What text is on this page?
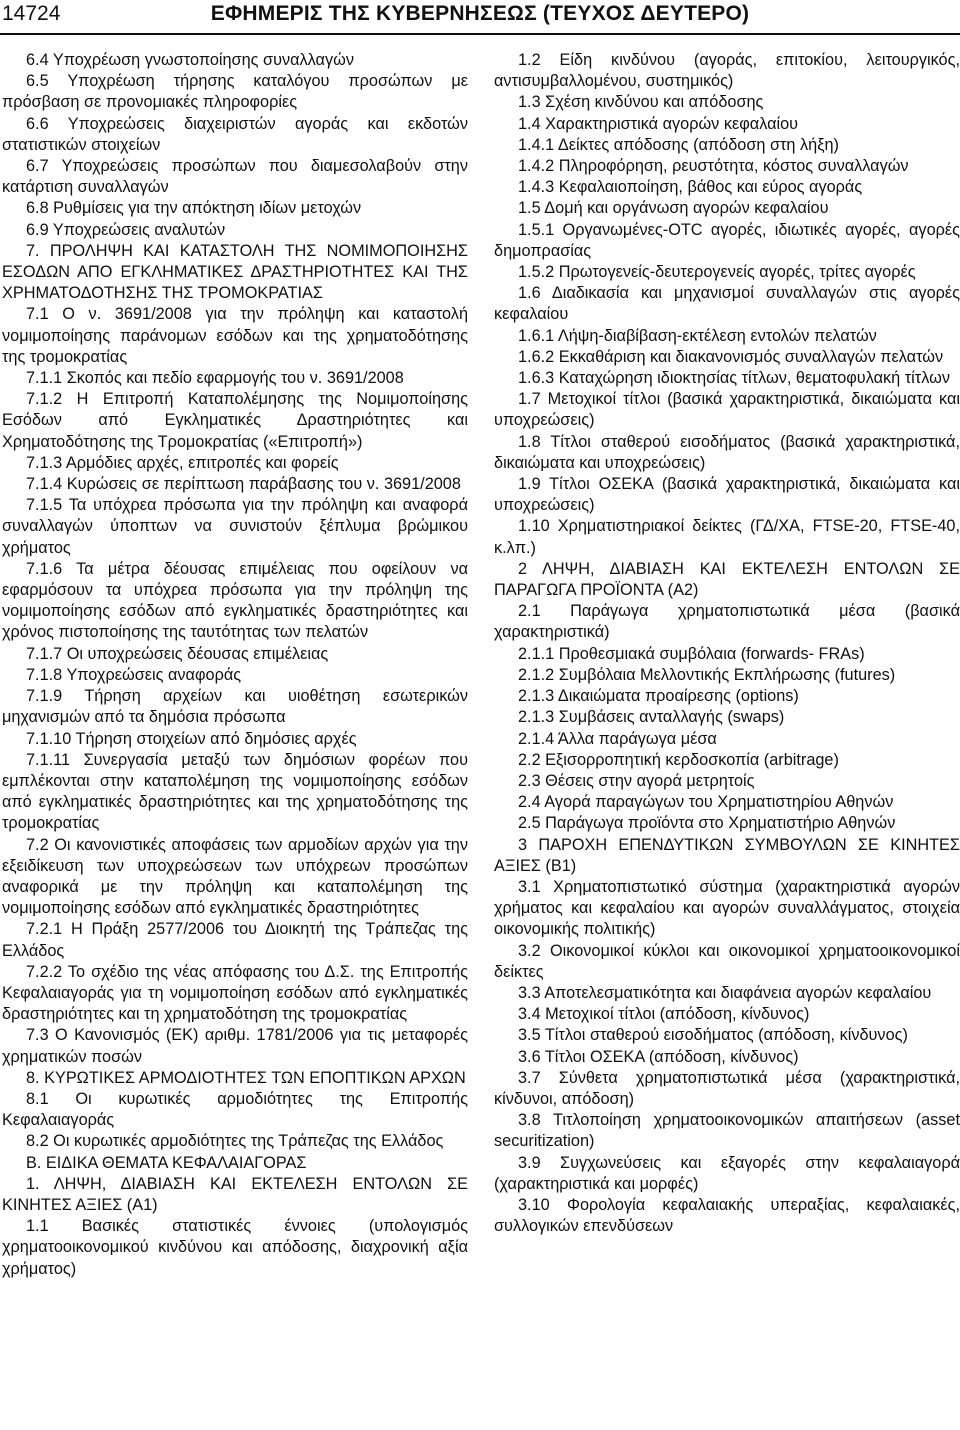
14724	ΕΦΗΜΕΡΙΣ ΤΗΣ ΚΥΒΕΡΝΗΣΕΩΣ (ΤΕΥΧΟΣ ΔΕΥΤΕΡΟ)

6.4 Υποχρέωση γνωστοποίησης συναλλαγών

6.5 Υποχρέωση τήρησης καταλόγου προσώπων με πρόσβαση σε προνομιακές πληροφορίες

6.6 Υποχρεώσεις διαχειριστών αγοράς και εκδοτών στατιστικών στοιχείων

6.7 Υποχρεώσεις προσώπων που διαμεσολαβούν στην κατάρτιση συναλλαγών

6.8 Ρυθμίσεις για την απόκτηση ιδίων μετοχών

6.9 Υποχρεώσεις αναλυτών

7. ΠΡΟΛΗΨΗ ΚΑΙ ΚΑΤΑΣΤΟΛΗ ΤΗΣ ΝΟΜΙΜΟΠΟΙΗΣΗΣ ΕΣΟΔΩΝ ΑΠΟ ΕΓΚΛΗΜΑΤΙΚΕΣ ΔΡΑΣΤΗΡΙΟΤΗΤΕΣ ΚΑΙ ΤΗΣ ΧΡΗΜΑΤΟΔΟΤΗΣΗΣ ΤΗΣ ΤΡΟΜΟΚΡΑΤΙΑΣ

7.1 Ο ν. 3691/2008 για την πρόληψη και καταστολή νομιμοποίησης παράνομων εσόδων και της χρηματοδότησης της τρομοκρατίας

7.1.1 Σκοπός και πεδίο εφαρμογής του ν. 3691/2008

7.1.2 Η Επιτροπή Καταπολέμησης της Νομιμοποίησης Εσόδων από Εγκληματικές Δραστηριότητες και Χρηματοδότησης της Τρομοκρατίας («Επιτροπή»)

7.1.3 Αρμόδιες αρχές, επιτροπές και φορείς

7.1.4 Κυρώσεις σε περίπτωση παράβασης του ν. 3691/2008

7.1.5 Τα υπόχρεα πρόσωπα για την πρόληψη και αναφορά συναλλαγών ύποπτων να συνιστούν ξέπλυμα βρώμικου χρήματος

7.1.6 Τα μέτρα δέουσας επιμέλειας που οφείλουν να εφαρμόσουν τα υπόχρεα πρόσωπα για την πρόληψη της νομιμοποίησης εσόδων από εγκληματικές δραστηριότητες και χρόνος πιστοποίησης της ταυτότητας των πελατών

7.1.7 Οι υποχρεώσεις δέουσας επιμέλειας

7.1.8 Υποχρεώσεις αναφοράς

7.1.9 Τήρηση αρχείων και υιοθέτηση εσωτερικών μηχανισμών από τα δημόσια πρόσωπα

7.1.10 Τήρηση στοιχείων από δημόσιες αρχές

7.1.11 Συνεργασία μεταξύ των δημόσιων φορέων που εμπλέκονται στην καταπολέμηση της νομιμοποίησης εσόδων από εγκληματικές δραστηριότητες και της χρηματοδότησης της τρομοκρατίας

7.2 Οι κανονιστικές αποφάσεις των αρμοδίων αρχών για την εξειδίκευση των υποχρεώσεων των υπόχρεων προσώπων αναφορικά με την πρόληψη και καταπολέμηση της νομιμοποίησης εσόδων από εγκληματικές δραστηριότητες

7.2.1 Η Πράξη 2577/2006 του Διοικητή της Τράπεζας της Ελλάδος

7.2.2 Το σχέδιο της νέας απόφασης του Δ.Σ. της Επιτροπής Κεφαλαιαγοράς για τη νομιμοποίηση εσόδων από εγκληματικές δραστηριότητες και τη χρηματοδότηση της τρομοκρατίας

7.3 Ο Κανονισμός (ΕΚ) αριθμ. 1781/2006 για τις μεταφορές χρηματικών ποσών

8. ΚΥΡΩΤΙΚΕΣ ΑΡΜΟΔΙΟΤΗΤΕΣ ΤΩΝ ΕΠΟΠΤΙΚΩΝ ΑΡΧΩΝ

8.1 Οι κυρωτικές αρμοδιότητες της Επιτροπής Κεφαλαιαγοράς

8.2 Οι κυρωτικές αρμοδιότητες της Τράπεζας της Ελλάδος

Β. ΕΙΔΙΚΑ ΘΕΜΑΤΑ ΚΕΦΑΛΑΙΑΓΟΡΑΣ

1. ΛΗΨΗ, ΔΙΑΒΙΑΣΗ ΚΑΙ ΕΚΤΕΛΕΣΗ ΕΝΤΟΛΩΝ ΣΕ ΚΙΝΗΤΕΣ ΑΞΙΕΣ (Α1)

1.1 Βασικές στατιστικές έννοιες (υπολογισμός χρηματοοικονομικού κινδύνου και απόδοσης, διαχρονική αξία χρήματος)

1.2 Είδη κινδύνου (αγοράς, επιτοκίου, λειτουργικός, αντισυμβαλλομένου, συστημικός)

1.3 Σχέση κινδύνου και απόδοσης

1.4 Χαρακτηριστικά αγορών κεφαλαίου

1.4.1 Δείκτες απόδοσης (απόδοση στη λήξη)

1.4.2 Πληροφόρηση, ρευστότητα, κόστος συναλλαγών

1.4.3 Κεφαλαιοποίηση, βάθος και εύρος αγοράς

1.5 Δομή και οργάνωση αγορών κεφαλαίου

1.5.1 Οργανωμένες-OTC αγορές, ιδιωτικές αγορές, αγορές δημοπρασίας

1.5.2 Πρωτογενείς-δευτερογενείς αγορές, τρίτες αγορές

1.6 Διαδικασία και μηχανισμοί συναλλαγών στις αγορές κεφαλαίου

1.6.1 Λήψη-διαβίβαση-εκτέλεση εντολών πελατών

1.6.2 Εκκαθάριση και διακανονισμός συναλλαγών πελατών

1.6.3 Καταχώρηση ιδιοκτησίας τίτλων, θεματοφυλακή τίτλων

1.7 Μετοχικοί τίτλοι (βασικά χαρακτηριστικά, δικαιώματα και υποχρεώσεις)

1.8 Τίτλοι σταθερού εισοδήματος (βασικά χαρακτηριστικά, δικαιώματα και υποχρεώσεις)

1.9 Τίτλοι ΟΣΕΚΑ (βασικά χαρακτηριστικά, δικαιώματα και υποχρεώσεις)

1.10 Χρηματιστηριακοί δείκτες (ΓΔ/ΧΑ, FTSE-20, FTSE-40, κ.λπ.)

2 ΛΗΨΗ, ΔΙΑΒΙΑΣΗ ΚΑΙ ΕΚΤΕΛΕΣΗ ΕΝΤΟΛΩΝ ΣΕ ΠΑΡΑΓΩΓΑ ΠΡΟΪΟΝΤΑ (Α2)

2.1 Παράγωγα χρηματοπιστωτικά μέσα (βασικά χαρακτηριστικά)

2.1.1 Προθεσμιακά συμβόλαια (forwards- FRAs)

2.1.2 Συμβόλαια Μελλοντικής Εκπλήρωσης (futures)

2.1.3 Δικαιώματα προαίρεσης (options)

2.1.3 Συμβάσεις ανταλλαγής (swaps)

2.1.4 Άλλα παράγωγα μέσα

2.2 Εξισορροπητική κερδοσκοπία (arbitrage)

2.3 Θέσεις στην αγορά μετρητοίς

2.4 Αγορά παραγώγων του Χρηματιστηρίου Αθηνών

2.5 Παράγωγα προϊόντα στο Χρηματιστήριο Αθηνών

3 ΠΑΡΟΧΗ ΕΠΕΝΔΥΤΙΚΩΝ ΣΥΜΒΟΥΛΩΝ ΣΕ ΚΙΝΗΤΕΣ ΑΞΙΕΣ (Β1)

3.1 Χρηματοπιστωτικό σύστημα (χαρακτηριστικά αγορών χρήματος και κεφαλαίου και αγορών συναλλάγματος, στοιχεία οικονομικής πολιτικής)

3.2 Οικονομικοί κύκλοι και οικονομικοί χρηματοοικονομικοί δείκτες

3.3 Αποτελεσματικότητα και διαφάνεια αγορών κεφαλαίου

3.4 Μετοχικοί τίτλοι (απόδοση, κίνδυνος)

3.5 Τίτλοι σταθερού εισοδήματος (απόδοση, κίνδυνος)

3.6 Τίτλοι ΟΣΕΚΑ (απόδοση, κίνδυνος)

3.7 Σύνθετα χρηματοπιστωτικά μέσα (χαρακτηριστικά, κίνδυνοι, απόδοση)

3.8 Τιτλοποίηση χρηματοοικονομικών απαιτήσεων (asset securitization)

3.9 Συγχωνεύσεις και εξαγορές στην κεφαλαιαγορά (χαρακτηριστικά και μορφές)

3.10 Φορολογία κεφαλαιακής υπεραξίας, κεφαλαιακές, συλλογικών επενδύσεων
